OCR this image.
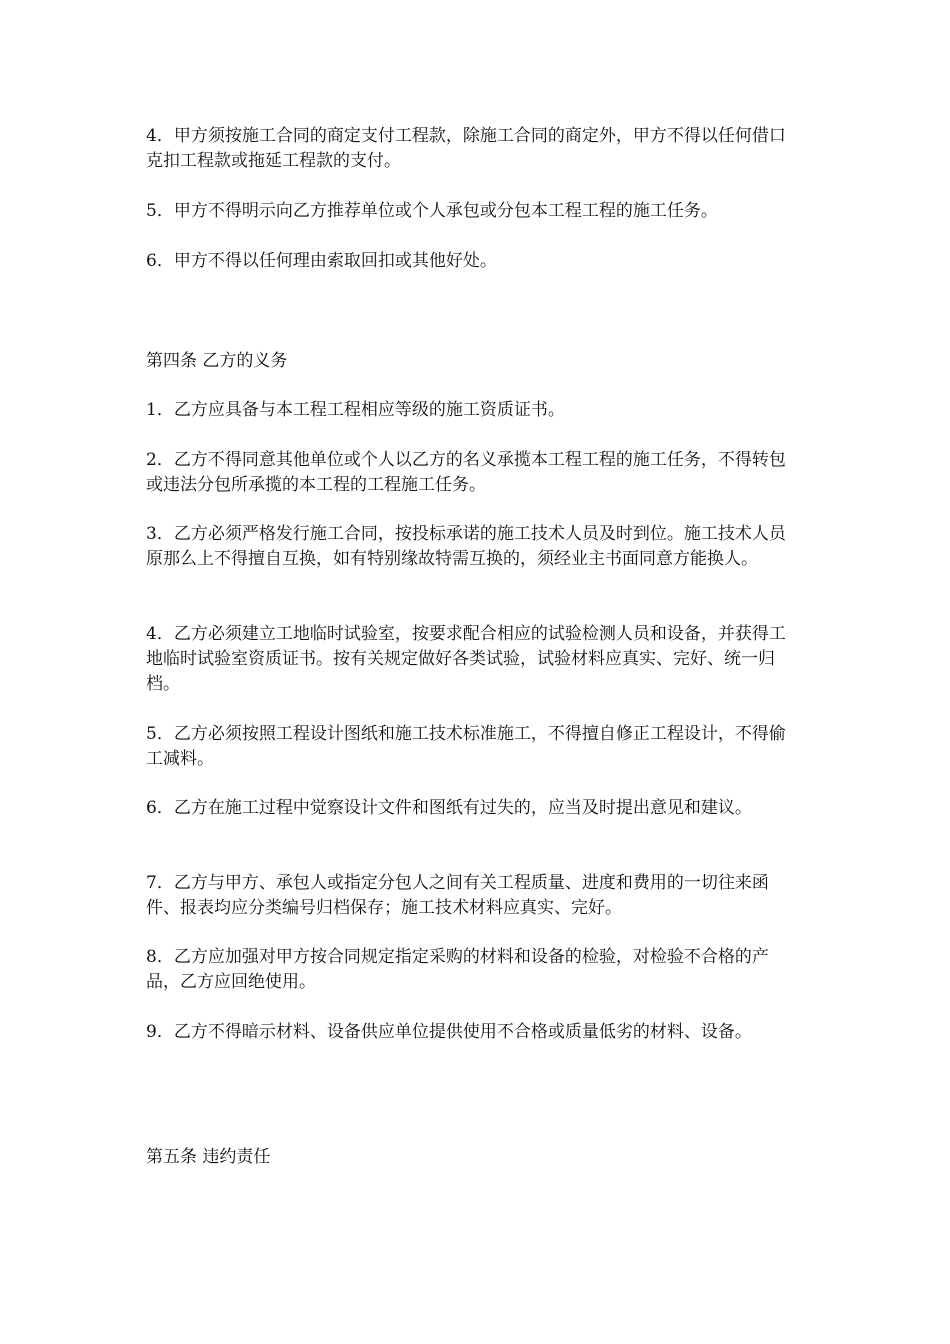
4．甲方须按施工合同的商定支付工程款，除施工合同的商定外，甲方不得以任何借口克扣工程款或拖延工程款的支付。

5．甲方不得明示向乙方推荐单位或个人承包或分包本工程工程的施工任务。

6．甲方不得以任何理由索取回扣或其他好处。

第四条 乙方的义务

1．乙方应具备与本工程工程相应等级的施工资质证书。

2．乙方不得同意其他单位或个人以乙方的名义承揽本工程工程的施工任务，不得转包或违法分包所承揽的本工程的工程施工任务。

3．乙方必须严格发行施工合同，按投标承诺的施工技术人员及时到位。施工技术人员原那么上不得擅自互换，如有特别缘故特需互换的，须经业主书面同意方能换人。

4．乙方必须建立工地临时试验室，按要求配合相应的试验检测人员和设备，并获得工地临时试验室资质证书。按有关规定做好各类试验，试验材料应真实、完好、统一归档。

5．乙方必须按照工程设计图纸和施工技术标准施工，不得擅自修正工程设计，不得偷工减料。

6．乙方在施工过程中觉察设计文件和图纸有过失的，应当及时提出意见和建议。

7．乙方与甲方、承包人或指定分包人之间有关工程质量、进度和费用的一切往来函件、报表均应分类编号归档保存；施工技术材料应真实、完好。

8．乙方应加强对甲方按合同规定指定采购的材料和设备的检验，对检验不合格的产品，乙方应回绝使用。

9．乙方不得暗示材料、设备供应单位提供使用不合格或质量低劣的材料、设备。

第五条 违约责任
